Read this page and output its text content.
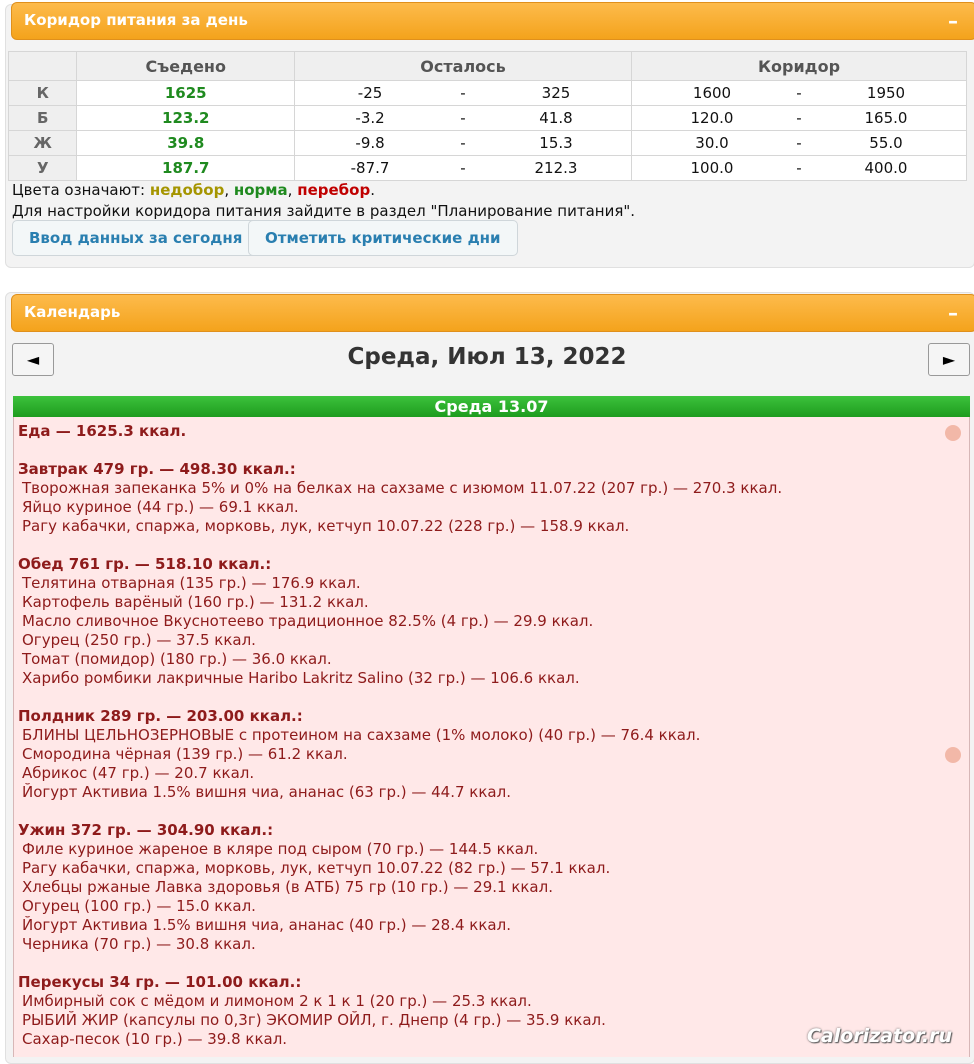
Коридор питания за день	–
	Съедено	Осталось	Коридор
К	1625	-25 - 325	1600 - 1950

Б	123.2	-3.2 - 41.8	120.0 - 165.0

Ж	39.8	-9.8 - 15.3	30.0 - 55.0

У	187.7	-87.7 - 212.3	100.0 - 400.0
Цвета означают: недобор, норма, перебор.
Для настройки коридора питания зайдите в раздел "Планирование питания".
Ввод данных за сегодня	Отметить критические дни
Календарь	–
◄	Среда, Июл 13, 2022	►
Среда 13.07
Еда — 1625.3 ккал.
Завтрак 479 гр. — 498.30 ккал.:
Творожная запеканка 5% и 0% на белках на сахзаме с изюмом 11.07.22 (207 гр.) — 270.3 ккал.
Яйцо куриное (44 гр.) — 69.1 ккал.
Рагу кабачки, спаржа, морковь, лук, кетчуп 10.07.22 (228 гр.) — 158.9 ккал.
Обед 761 гр. — 518.10 ккал.:
Телятина отварная (135 гр.) — 176.9 ккал.
Картофель варёный (160 гр.) — 131.2 ккал.
Масло сливочное Вкуснотеево традиционное 82.5% (4 гр.) — 29.9 ккал.
Огурец (250 гр.) — 37.5 ккал.
Томат (помидор) (180 гр.) — 36.0 ккал.
Харибо ромбики лакричные Haribo Lakritz Salino (32 гр.) — 106.6 ккал.
Полдник 289 гр. — 203.00 ккал.:
БЛИНЫ ЦЕЛЬНОЗЕРНОВЫЕ с протеином на сахзаме (1% молоко) (40 гр.) — 76.4 ккал.
Смородина чёрная (139 гр.) — 61.2 ккал.
Абрикос (47 гр.) — 20.7 ккал.
Йогурт Активиа 1.5% вишня чиа, ананас (63 гр.) — 44.7 ккал.
Ужин 372 гр. — 304.90 ккал.:
Филе куриное жареное в кляре под сыром (70 гр.) — 144.5 ккал.
Рагу кабачки, спаржа, морковь, лук, кетчуп 10.07.22 (82 гр.) — 57.1 ккал.
Хлебцы ржаные Лавка здоровья (в АТБ) 75 гр (10 гр.) — 29.1 ккал.
Огурец (100 гр.) — 15.0 ккал.
Йогурт Активиа 1.5% вишня чиа, ананас (40 гр.) — 28.4 ккал.
Черника (70 гр.) — 30.8 ккал.
Перекусы 34 гр. — 101.00 ккал.:
Имбирный сок с мёдом и лимоном 2 к 1 к 1 (20 гр.) — 25.3 ккал.
РЫБИЙ ЖИР (капсулы по 0,3г) ЭКОМИР ОЙЛ, г. Днепр (4 гр.) — 35.9 ккал.
Сахар-песок (10 гр.) — 39.8 ккал.	Calorizator.ru
